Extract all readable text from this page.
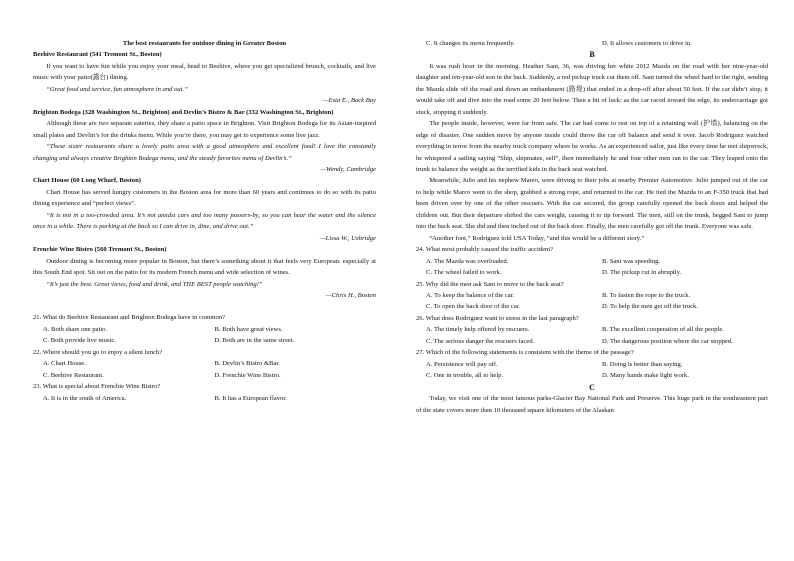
The best restaurants for outdoor dining in Greater Boston
Beehive Restaurant (541 Tremont St., Boston)

If you want to have fun while you enjoy your meal, head to Beehive, where you get specialized brunch, cocktails, and live music with your patio(露台) dining.

“Great food and service, fun atmosphere in and out.”

—Esta E., Back Bay
Brighton Bodega (328 Washington St., Brighton) and Devlin’s Bistro & Bar (332 Washington St., Brighton)

Although these are two separate eateries, they share a patio space in Brighton. Visit Brighton Bodega for its Asian-inspired small plates and Devlin’s for the drinks menu. While you’re there, you may get to experience some live jazz.

“These sister restaurants share a lovely patio area with a good atmosphere and excellent food! I love the constantly changing and always creative Brighton Bodega menu, and the steady favorites menu of Devlin’s.”

—Wendy, Cambridge
Chart House (60 Long Wharf, Boston)

Chart House has served hungry customers in the Boston area for more than 60 years and continues to do so with its patio dining experience and “perfect views”.

“It is not in a too-crowded area. It’s not amidst cars and too many passers-by, so you can hear the water and the silence once in a while. There is parking at the back so I can drive in, dine, and drive out.”

—Lissa W., Uxbridge
Frenchie Wine Bistro (560 Tremont St., Boston)

Outdoor dining is becoming more popular in Boston, but there’s something about it that feels very European. especially at this South End spot. Sit out on the patio for its modern French menu and wide selection of wines.

“It’s just the best. Great views, food and drink, and THE BEST people watching!”

—Chris H., Boston
21. What do Beehive Restaurant and Brighton Bodega have in common?
A. Both share one patio.	B. Both have great views.
C. Both provide live music.	D. Both are in the same street.
22. Where should you go to enjoy a silent lunch?
A. Chart House.	B. Devlin’s Bistro &Bar.
C. Beehive Restaurant.	D. Frenchie Wine Bistro.
23. What is special about Frenchie Wine Bistro?
A. It is in the south of America.	B. It has a European flavor.
C. It changes its menu frequently.	D. It allows customers to drive in.
B

It was rush hour in the morning. Heather Sant, 36, was driving her white 2012 Mazda on the road with her nine-year-old daughter and ten-year-old son in the back. Suddenly, a red pickup truck cut them off. Sant turned the wheel hard to the right, sending the Mazda slide off the road and down an embankment (路堤) that ended in a drop-off after about 50 feet. If the car didn’t stop, it would take off and dive into the road some 20 feet below. Then a bit of luck: as the car raced toward the edge, its undercarriage got stuck, stopping it suddenly.

The people inside, however, were far from safe. The car had come to rest on top of a retaining wall (护墙), balancing on the edge of disaster. One sudden move by anyone inside could throw the car off balance and send it over. Jacob Rodriguez watched everything in terror from the nearby truck company where he works. As an experienced sailor, just like every time he met shipwreck, he whispered a sailing saying “Ship, shipmates, self”, then immediately he and four other men ran to the car. They leaped onto the trunk to balance the weight as the terrified kids in the back seat watched.

Meanwhile, Julio and his nephew Mareo, were driving to their jobs at nearby Premier Automotive. Julio jumped out of the car to help while Marco went to the shop, grabbed a strong rope, and returned to the car. He tied the Mazda to an F-350 truck that had been driven over by one of the other rescuers. With the car secured, the group carefully opened the back doors and helped the children out. But their departure shifted the cars weight, causing it to tip forward. The men, still on the trunk, begged Sant to jump into the back seat. She did and then inched out of the back door. Finally, the men carefully got off the trunk. Everyone was safe.

“Another foot,” Rodriguez told USA Today, “and this would be a different story.”

24. What most probably caused the traffic accident?
A. The Mazda was overloaded.	B. Sant was speeding.
C. The wheel failed to work.	D. The pickup cut in abruptly.
25. Why did the men ask Sant to move to the back seat?
A. To keep the balance of the car.	B. To fasten the rope to the truck.
C. To open the back door of the car.	D. To help the men get off the truck.
26. What does Rodriguez want to stress in the last paragraph?
A. The timely help offered by rescuers.	B. The excellent cooperation of all the people.
C. The serious danger the rescuers faced.	D. The dangerous position where the car stopped.
27. Which of the following statements is consistent with the theme of the passage?
A. Persistence will pay off.	B. Doing is better than saying.
C. One in trouble, all to help.	D. Many hands make light work.
C

Today, we visit one of the most famous parks-Glacier Bay National Park and Preserve. This huge park in the southeastern part of the state covers more than 10 thousand square kilometers of the Alaskan
